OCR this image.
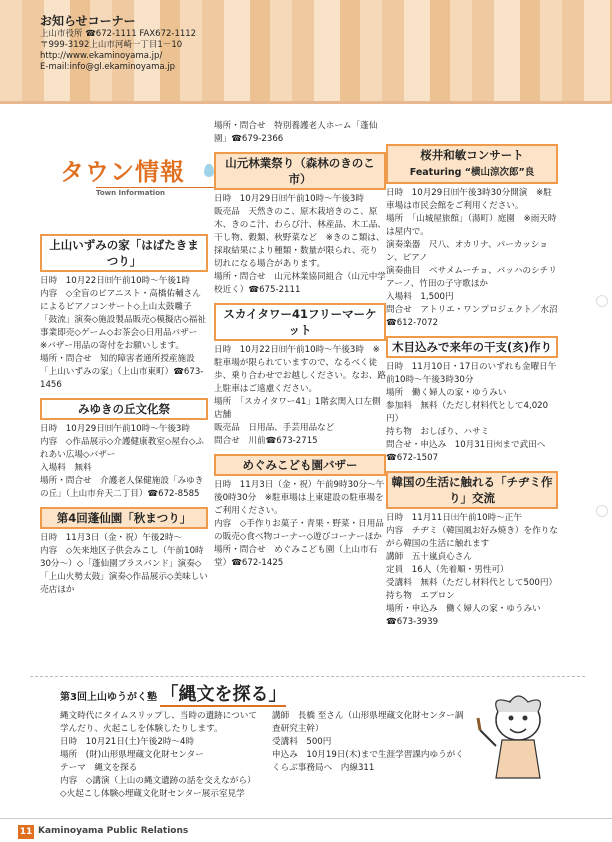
お知らせコーナー
上山市役所 ☎672-1111 FAX672-1112
〒999-3192上山市河崎一丁目1－10
http://www.ekaminoyama.jp/
E-mail:info@gl.ekaminoyama.jp
タウン情報
Town Information
上山いずみの家「はばたきまつり」
日時　10月22日㈰午前10時～午後1時
内容　◇全盲のピアニスト・高橋佑輔さんによるピアノコンサート◇上山太鼓囃子「鼓流」演奏◇施設製品販売◇模擬店◇福祉事業即売◇ゲーム◇お茶会◇日用品バザー　※バザー用品の寄付をお願いします。
場所・問合せ　知的障害者通所授産施設「上山いずみの家」（上山市東町）☎673-1456
みゆきの丘文化祭
日時　10月29日㈰午前10時～午後3時
内容　◇作品展示◇介護健康教室◇屋台◇ふれあい広場◇バザー
入場料　無料
場所・問合せ　介護老人保健施設「みゆきの丘」（上山市弁天二丁目）☎672-8585
第4回蓬仙園「秋まつり」
日時　11月3日（金・祝）午後2時～
内容　◇矢来地区子供会みこし（午前10時30分～）◇「蓬仙園ブラスバンド」演奏◇「上山火勢太鼓」演奏◇作品展示◇美味しい売店ほか
場所・問合せ　特別養護老人ホーム「蓬仙園」☎679-2366
山元林業祭り（森林のきのこ市）
日時　10月29日㈰午前10時～午後3時
販売品　天然きのこ、原木栽培きのこ、原木、きのこ汁、わらび汁、林産品、木工品、干し物、穀類、秋野菜など　※きのこ類は、採取結果により種類・数量が限られ、売り切れになる場合があります。
場所・問合せ　山元林業協同組合（山元中学校近く）☎675-2111
スカイタワー41フリーマーケット
日時　10月22日㈰午前10時～午後3時　※駐車場が限られていますので、なるべく徒歩、乗り合わせでお越しください。なお、路上駐車はご遠慮ください。
場所　「スカイタワー41」1階玄関入口左側店舗
販売品　日用品、手芸用品など
問合せ　川前☎673-2715
めぐみこども園バザー
日時　11月3日（金・祝）午前9時30分～午後0時30分　※駐車場は上東建設の駐車場をご利用ください。
内容　◇手作りお菓子・青果・野菜・日用品の販売◇食べ物コーナー◇遊びコーナーほか
場所・問合せ　めぐみこども園（上山市石堂）☎672-1425
桜井和敏コンサート
Featuring “横山涼次郎”良
日時　10月29日㈰午後3時30分開演　※駐車場は市民会館をご利用ください。
場所　「山城屋旅館」（湯町）庭園　※雨天時は屋内で。
演奏楽器　尺八、オカリナ、パーカッション、ピアノ
演奏曲目　ベサメムーチョ、バッハのシチリアーノ、竹田の子守歌ほか
入場料　1,500円
問合せ　アトリエ・ワンプロジェクト／水沼☎612-7072
木目込みで来年の干支(亥)作り
日時　11月10日・17日のいずれも金曜日午前10時～午後3時30分
場所　働く婦人の家・ゆうみい
参加料　無料（ただし材料代として4,020円）
持ち物　おしぼり、ハサミ
問合せ・申込み　10月31日㈫まで武田へ　☎672-1507
韓国の生活に触れる「チヂミ作り」交流
日時　11月11日㈯午前10時～正午
内容　チヂミ（韓国風お好み焼き）を作りながら韓国の生活に触れます
講師　五十嵐貞心さん
定員　16人（先着順・男性可）
受講料　無料（ただし材料代として500円）
持ち物　エプロン
場所・申込み　働く婦人の家・ゆうみい☎673-3939
第3回上山ゆうがく塾 「縄文を探る」
縄文時代にタイムスリップし、当時の遺跡について学んだり、火起こしを体験したりします。
日時　10月21日(土)午後2時～4時
場所　(財)山形県埋蔵文化財センター
テーマ　縄文を探る
内容　◇講演（上山の縄文遺跡の話を交えながら）◇火起こし体験◇埋蔵文化財センター展示室見学
講師　長橋 至さん（山形県埋蔵文化財センター調査研究主幹）
受講料　500円
申込み　10月19日(木)まで生涯学習課内ゆうがくくらぶ事務局へ　内線311
11 Kaminoyama Public Relations
